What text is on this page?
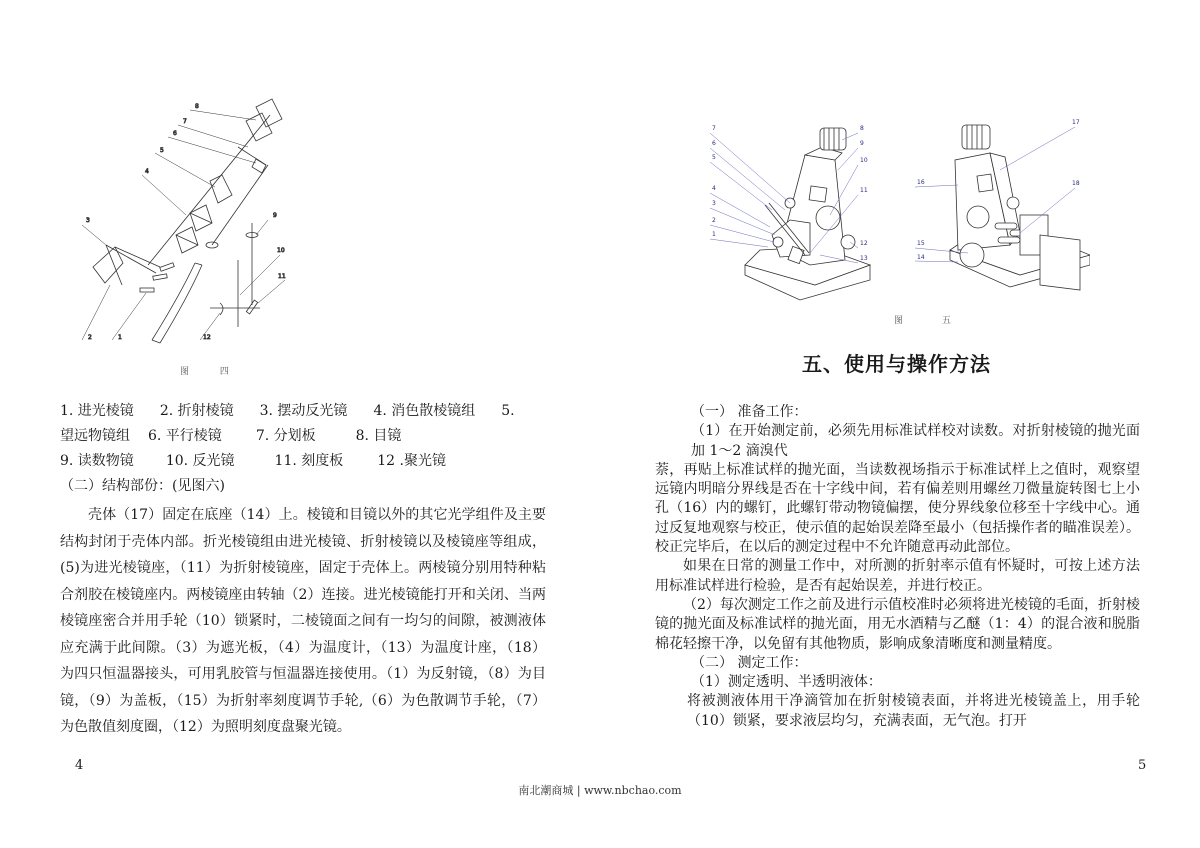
8
7
6
5
4
3
2	1
9
10
11
12
图 四
1. 进光棱镜 2. 折射棱镜 3. 摆动反光镜 4. 消色散棱镜组 5.
望远物镜组 6. 平行棱镜 7. 分划板	8. 目镜
9. 读数物镜 10. 反光镜	11. 刻度板 12 .聚光镜
（二）结构部份：(见图六)

壳体（17）固定在底座（14）上。棱镜和目镜以外的其它光学组件及主要结构封闭于壳体内部。折光棱镜组由进光棱镜、折射棱镜以及棱镜座等组成，(5)为进光棱镜座，（11）为折射棱镜座，固定于壳体上。两棱镜分别用特种粘合剂胶在棱镜座内。两棱镜座由转轴（2）连接。进光棱镜能打开和关闭、当两棱镜座密合并用手轮（10）锁紧时，二棱镜面之间有一均匀的间隙，被测液体应充满于此间隙。（3）为遮光板，（4）为温度计，（13）为温度计座，（18）为四只恒温器接头，可用乳胶管与恒温器连接使用。（1）为反射镜，（8）为目镜，（9）为盖板，（15）为折射率刻度调节手轮,（6）为色散调节手轮，（7）为色散值刻度圈，（12）为照明刻度盘聚光镜。

4
7
6
5
4
3
2
1
8
9
10
11
12
13
17
16	18
15
14
图 五
五、使用与操作方法

（一） 准备工作：

（1）在开始测定前，必须先用标准试样校对读数。对折射棱镜的抛光面加 1～2 滴溴代

萘，再贴上标准试样的抛光面，当读数视场指示于标准试样上之值时，观察望远镜内明暗分界线是否在十字线中间，若有偏差则用螺丝刀微量旋转图七上小孔（16）内的螺钉，此螺钉带动物镜偏摆，使分界线象位移至十字线中心。通过反复地观察与校正，使示值的起始误差降至最小（包括操作者的瞄准误差）。校正完毕后，在以后的测定过程中不允许随意再动此部位。

如果在日常的测量工作中，对所测的折射率示值有怀疑时，可按上述方法用标准试样进行检验，是否有起始误差，并进行校正。

（2）每次测定工作之前及进行示值校准时必须将进光棱镜的毛面，折射棱镜的抛光面及标准试样的抛光面，用无水酒精与乙醚（1：4）的混合液和脱脂棉花轻擦干净，以免留有其他物质，影响成象清晰度和测量精度。

（二） 测定工作：

（1）测定透明、半透明液体：

将被测液体用干净滴管加在折射棱镜表面，并将进光棱镜盖上，用手轮（10）锁紧，要求液层均匀，充满表面，无气泡。打开

5
南北潮商城 | www.nbchao.com
